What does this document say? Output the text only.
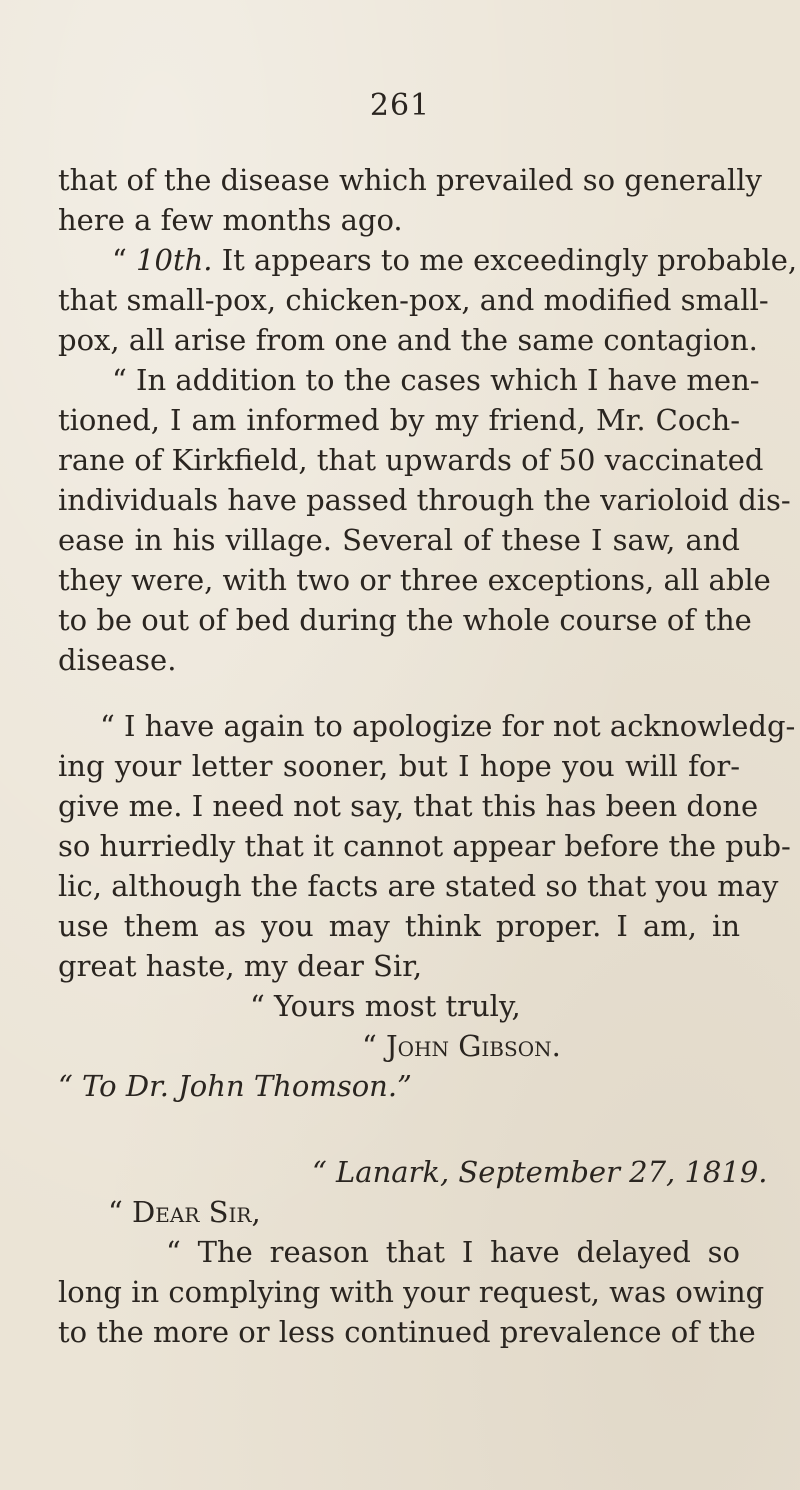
261
that of the disease which prevailed so generally
here a few months ago.
“ 10th. It appears to me exceedingly probable,
that small-pox, chicken-pox, and modified small-
pox, all arise from one and the same contagion.
“ In addition to the cases which I have men-
tioned, I am informed by my friend, Mr. Coch-
rane of Kirkfield, that upwards of 50 vaccinated
individuals have passed through the varioloid dis-
ease in his village. Several of these I saw, and
they were, with two or three exceptions, all able
to be out of bed during the whole course of the
disease.
“ I have again to apologize for not acknowledg-
ing your letter sooner, but I hope you will for-
give me. I need not say, that this has been done
so hurriedly that it cannot appear before the pub-
lic, although the facts are stated so that you may
use them as you may think proper. I am, in
great haste, my dear Sir,
“ Yours most truly,
“ John Gibson.
“ To Dr. John Thomson.”
“ Lanark, September 27, 1819.
“ Dear Sir,
“ The reason that I have delayed so
long in complying with your request, was owing
to the more or less continued prevalence of the
